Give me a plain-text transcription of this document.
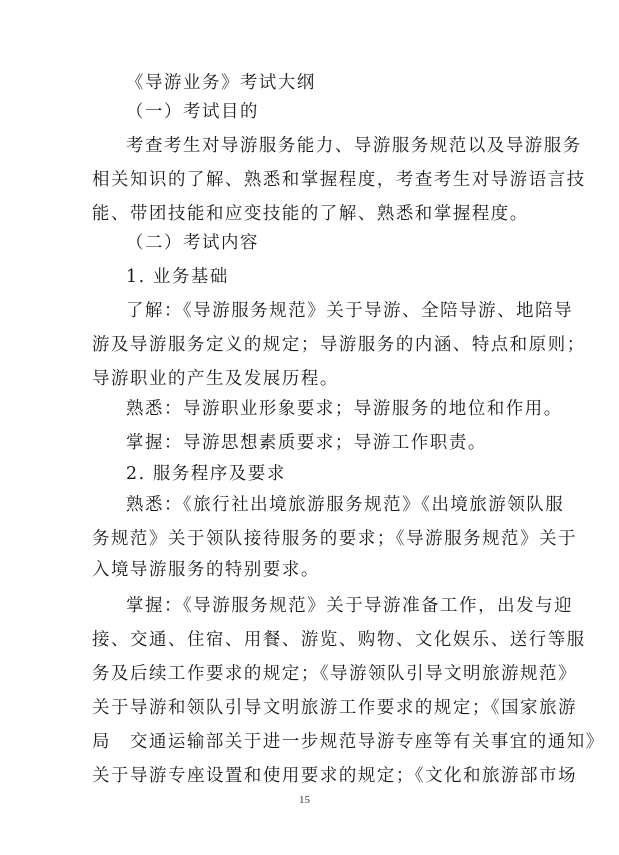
《导游业务》考试大纲
（一）考试目的
考查考生对导游服务能力、导游服务规范以及导游服务
相关知识的了解、熟悉和掌握程度，考查考生对导游语言技
能、带团技能和应变技能的了解、熟悉和掌握程度。
（二）考试内容
1. 业务基础
了解：《导游服务规范》关于导游、全陪导游、地陪导
游及导游服务定义的规定；导游服务的内涵、特点和原则；
导游职业的产生及发展历程。
熟悉：导游职业形象要求；导游服务的地位和作用。
掌握：导游思想素质要求；导游工作职责。
2. 服务程序及要求
熟悉：《旅行社出境旅游服务规范》《出境旅游领队服
务规范》关于领队接待服务的要求；《导游服务规范》关于
入境导游服务的特别要求。
掌握：《导游服务规范》关于导游准备工作，出发与迎
接、交通、住宿、用餐、游览、购物、文化娱乐、送行等服
务及后续工作要求的规定；《导游领队引导文明旅游规范》
关于导游和领队引导文明旅游工作要求的规定；《国家旅游
局　交通运输部关于进一步规范导游专座等有关事宜的通知》
关于导游专座设置和使用要求的规定；《文化和旅游部市场
15
